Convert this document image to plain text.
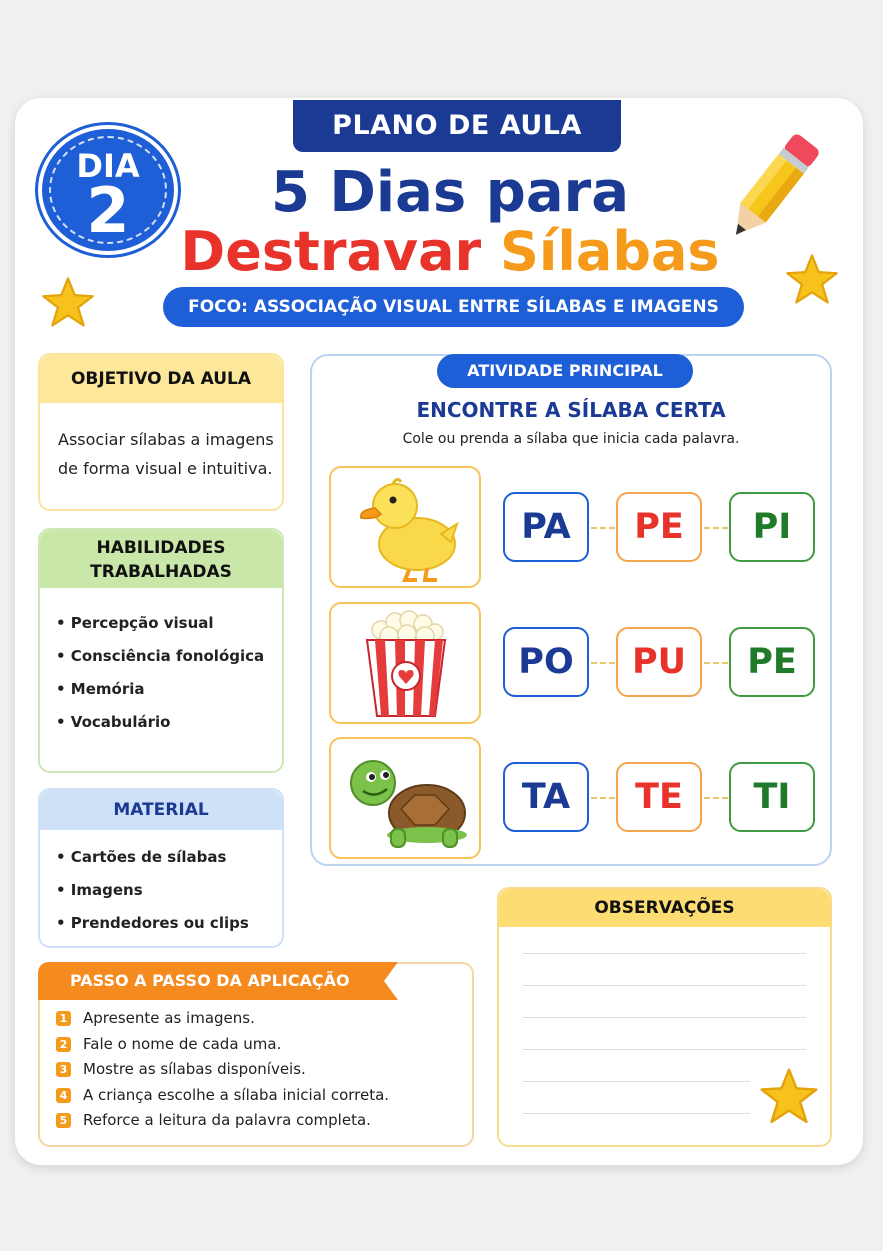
PLANO DE AULA
DIA
2	5 Dias para
Destravar Sílabas
FOCO: ASSOCIAÇÃO VISUAL ENTRE SÍLABAS E IMAGENS
OBJETIVO DA AULA
Associar sílabas a imagens
de forma visual e intuitiva.
HABILIDADES
TRABALHADAS
• Percepção visual
• Consciência fonológica
• Memória
• Vocabulário
MATERIAL
• Cartões de sílabas
• Imagens
• Prendedores ou clips
ATIVIDADE PRINCIPAL
ENCONTRE A SÍLABA CERTA
Cole ou prenda a sílaba que inicia cada palavra.
PA	PE	PI
PO	PU	PE
TA	TE	TI
PASSO A PASSO DA APLICAÇÃO
1 Apresente as imagens.
2 Fale o nome de cada uma.
3 Mostre as sílabas disponíveis.
4 A criança escolhe a sílaba inicial correta.
5 Reforce a leitura da palavra completa.
OBSERVAÇÕES
